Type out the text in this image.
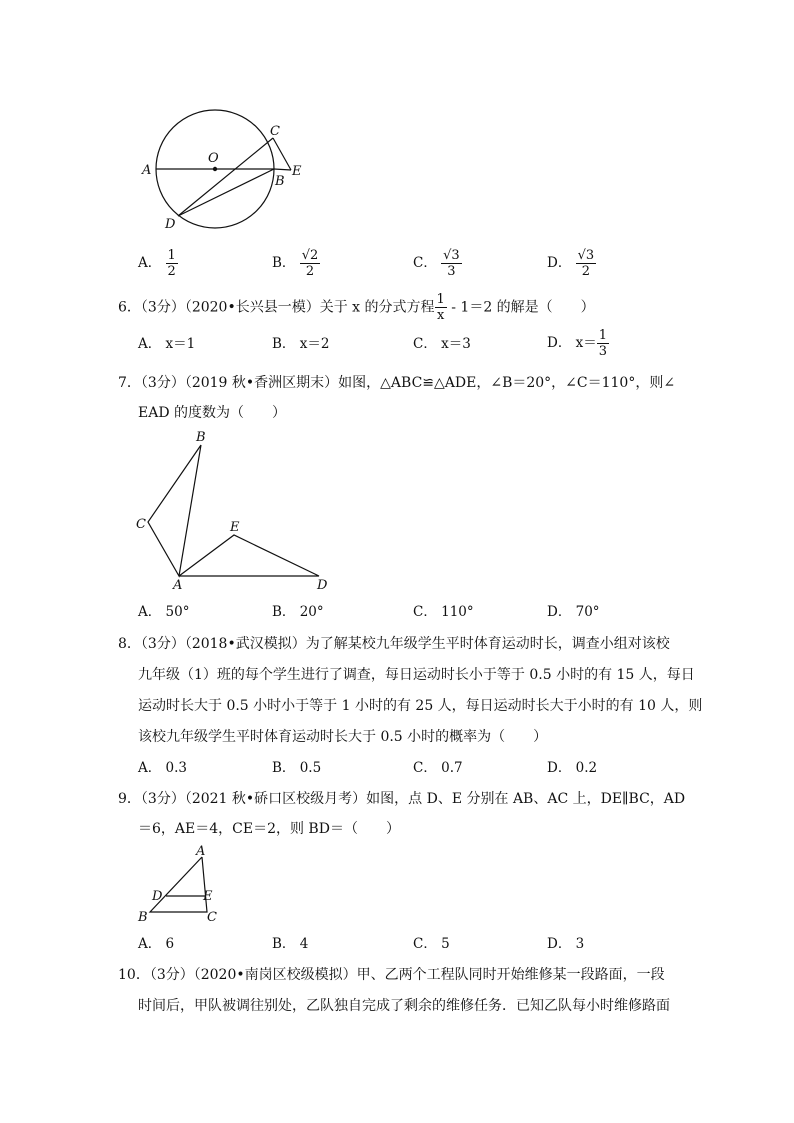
A
O
C
B
E
D
A． $\frac{1}{2}$	B． $\frac{√2}{2}$	C． $\frac{√3}{3}$	D． $\frac{√3}{2}$
6．（3分）（2020•长兴县一模）关于 x 的分式方程 $\frac{1}{x} - 1=2$ 的解是（　　）
A． x＝1	B． x＝2	C． x＝3	D． $x= \frac{1}{3}$
7．（3分）（2019 秋•香洲区期末）如图，△ABC≌△ADE，∠B＝20°，∠C＝110°，则∠
EAD 的度数为（　　）
B
C	E
A	D
A． 50°	B． 20°	C． 110°	D． 70°
8．（3分）（2018•武汉模拟）为了解某校九年级学生平时体育运动时长，调查小组对该校
九年级（1）班的每个学生进行了调查，每日运动时长小于等于 0.5 小时的有 15 人，每日
运动时长大于 0.5 小时小于等于 1 小时的有 25 人，每日运动时长大于小时的有 10 人，则
该校九年级学生平时体育运动时长大于 0.5 小时的概率为（　　）
A． 0.3	B． 0.5	C． 0.7	D． 0.2
9．（3分）（2021 秋•硚口区校级月考）如图，点 D、E 分别在 AB、AC 上，DE∥BC，AD
＝6，AE＝4，CE＝2，则 BD＝（　　）
A
D	E
B	C
A． 6	B． 4	C． 5	D． 3
10．（3分）（2020•南岗区校级模拟）甲、乙两个工程队同时开始维修某一段路面，一段
时间后，甲队被调往别处，乙队独自完成了剩余的维修任务．已知乙队每小时维修路面
